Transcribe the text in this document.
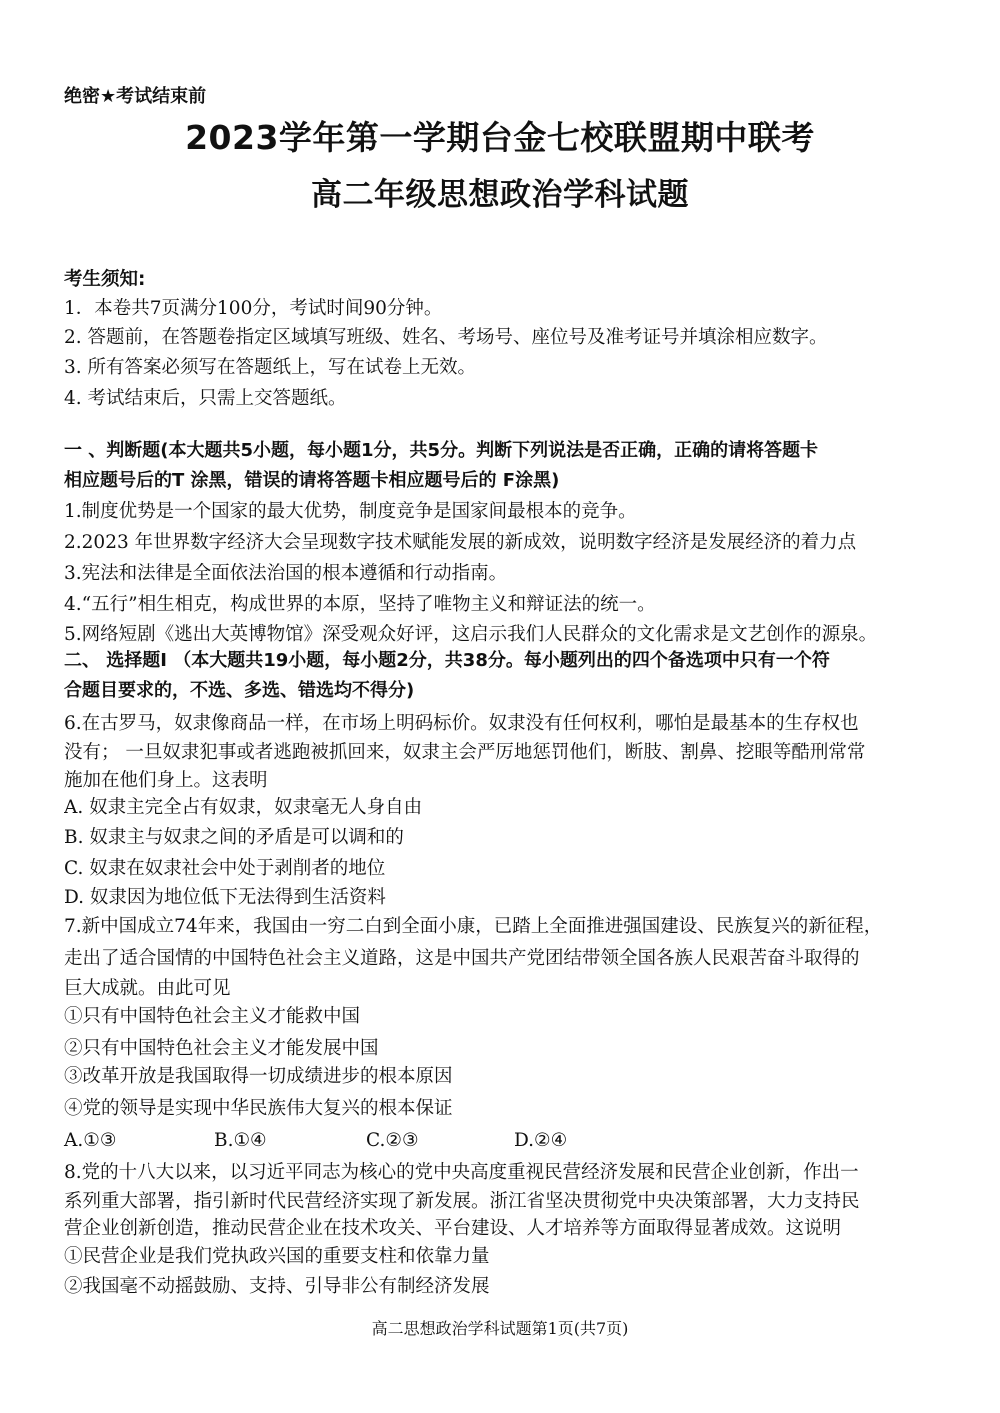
绝密★考试结束前
2023学年第一学期台金七校联盟期中联考
高二年级思想政治学科试题
考生须知:
1．本卷共7页满分100分，考试时间90分钟。
2. 答题前，在答题卷指定区域填写班级、姓名、考场号、座位号及准考证号并填涂相应数字。
3. 所有答案必须写在答题纸上，写在试卷上无效。
4. 考试结束后，只需上交答题纸。
一 、判断题(本大题共5小题，每小题1分，共5分。判断下列说法是否正确，正确的请将答题卡
相应题号后的T 涂黑，错误的请将答题卡相应题号后的 F涂黑)
1.制度优势是一个国家的最大优势，制度竞争是国家间最根本的竞争。
2.2023 年世界数字经济大会呈现数字技术赋能发展的新成效，说明数字经济是发展经济的着力点
3.宪法和法律是全面依法治国的根本遵循和行动指南。
4.“五行”相生相克，构成世界的本原，坚持了唯物主义和辩证法的统一。
5.网络短剧《逃出大英博物馆》深受观众好评，这启示我们人民群众的文化需求是文艺创作的源泉。
二、 选择题I （本大题共19小题，每小题2分，共38分。每小题列出的四个备选项中只有一个符
合题目要求的，不选、多选、错选均不得分)
6.在古罗马，奴隶像商品一样，在市场上明码标价。奴隶没有任何权利，哪怕是最基本的生存权也
没有； 一旦奴隶犯事或者逃跑被抓回来，奴隶主会严厉地惩罚他们，断肢、割鼻、挖眼等酷刑常常
施加在他们身上。这表明
A. 奴隶主完全占有奴隶，奴隶毫无人身自由
B. 奴隶主与奴隶之间的矛盾是可以调和的
C. 奴隶在奴隶社会中处于剥削者的地位
D. 奴隶因为地位低下无法得到生活资料
7.新中国成立74年来，我国由一穷二白到全面小康，已踏上全面推进强国建设、民族复兴的新征程，
走出了适合国情的中国特色社会主义道路，这是中国共产党团结带领全国各族人民艰苦奋斗取得的
巨大成就。由此可见
①只有中国特色社会主义才能救中国
②只有中国特色社会主义才能发展中国
③改革开放是我国取得一切成绩进步的根本原因
④党的领导是实现中华民族伟大复兴的根本保证
A.①③	B.①④	C.②③	D.②④
8.党的十八大以来，以习近平同志为核心的党中央高度重视民营经济发展和民营企业创新，作出一
系列重大部署，指引新时代民营经济实现了新发展。浙江省坚决贯彻党中央决策部署，大力支持民
营企业创新创造，推动民营企业在技术攻关、平台建设、人才培养等方面取得显著成效。这说明
①民营企业是我们党执政兴国的重要支柱和依靠力量
②我国毫不动摇鼓励、支持、引导非公有制经济发展
高二思想政治学科试题第1页(共7页)
